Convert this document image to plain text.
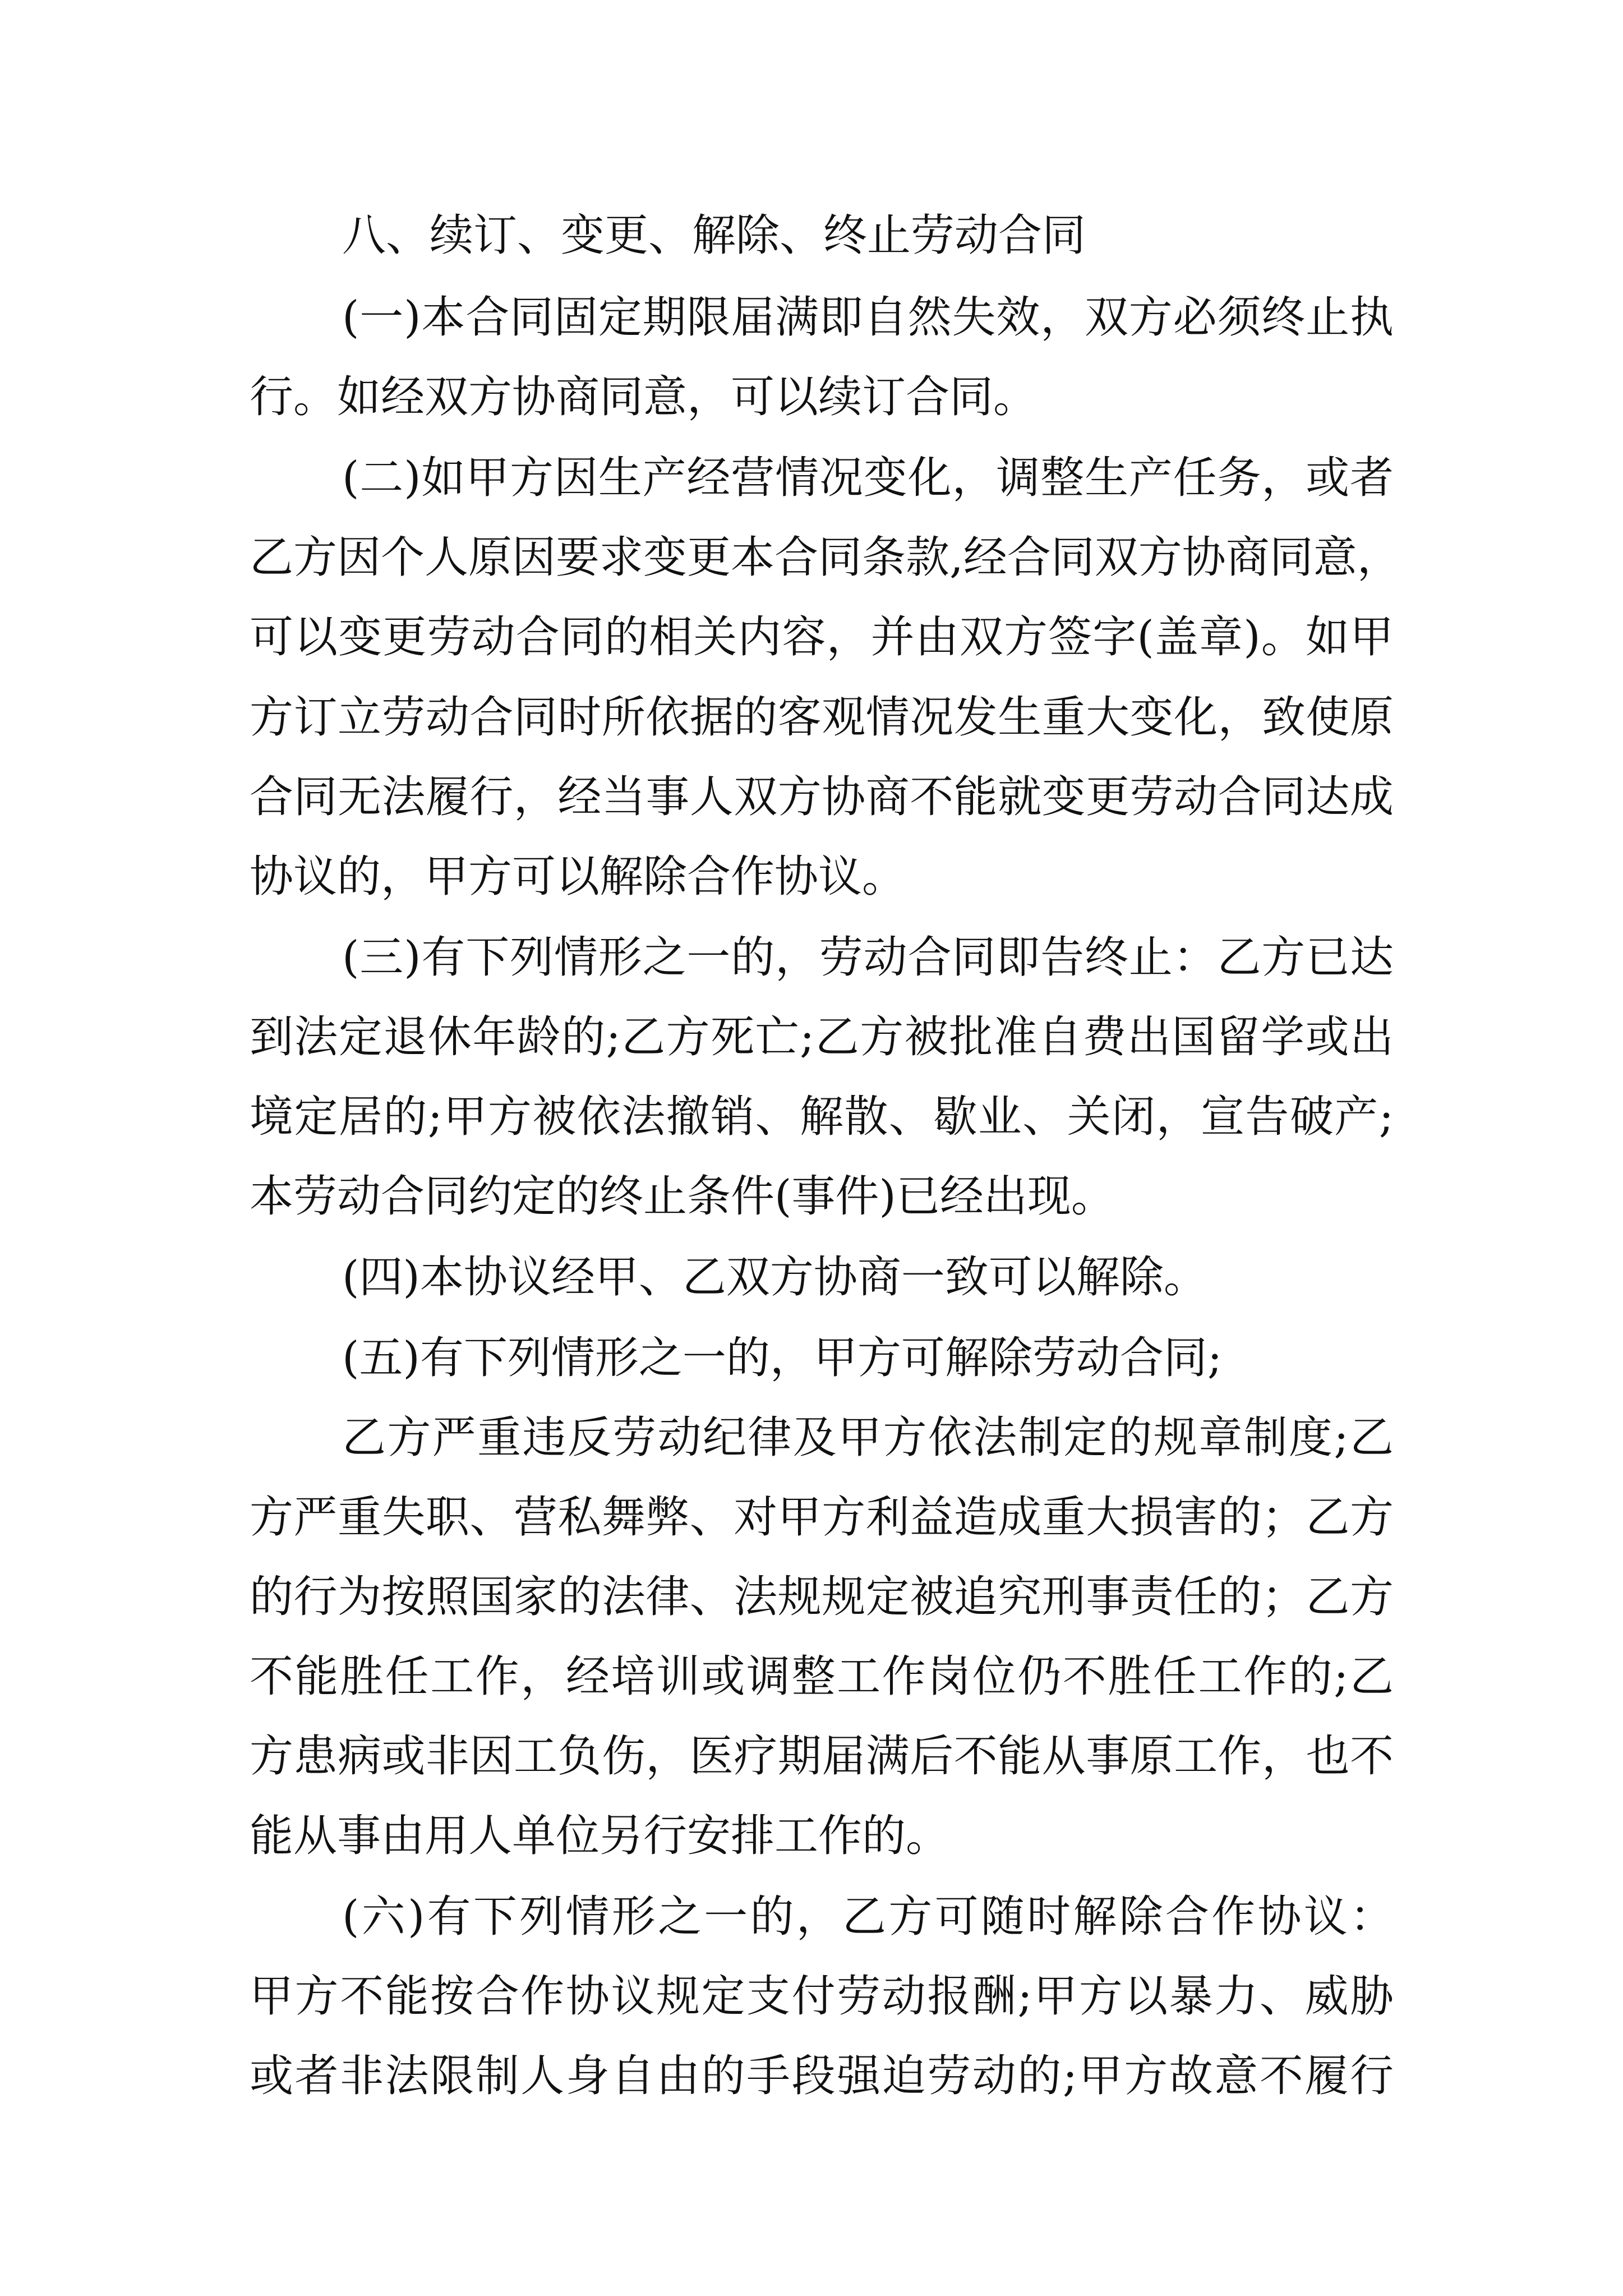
八、续订、变更、解除、终止劳动合同
(一)本合同固定期限届满即自然失效，双方必须终止执
行。如经双方协商同意，可以续订合同。
(二)如甲方因生产经营情况变化，调整生产任务，或者
乙方因个人原因要求变更本合同条款,经合同双方协商同意，
可以变更劳动合同的相关内容，并由双方签字(盖章)。如甲
方订立劳动合同时所依据的客观情况发生重大变化，致使原
合同无法履行，经当事人双方协商不能就变更劳动合同达成
协议的，甲方可以解除合作协议。
(三)有下列情形之一的，劳动合同即告终止：乙方已达
到法定退休年龄的;乙方死亡;乙方被批准自费出国留学或出
境定居的;甲方被依法撤销、解散、歇业、关闭，宣告破产;
本劳动合同约定的终止条件(事件)已经出现。
(四)本协议经甲、乙双方协商一致可以解除。
(五)有下列情形之一的，甲方可解除劳动合同;
乙方严重违反劳动纪律及甲方依法制定的规章制度;乙
方严重失职、营私舞弊、对甲方利益造成重大损害的；乙方
的行为按照国家的法律、法规规定被追究刑事责任的；乙方
不能胜任工作，经培训或调整工作岗位仍不胜任工作的;乙
方患病或非因工负伤，医疗期届满后不能从事原工作，也不
能从事由用人单位另行安排工作的。
(六)有下列情形之一的，乙方可随时解除合作协议：
甲方不能按合作协议规定支付劳动报酬;甲方以暴力、威胁
或者非法限制人身自由的手段强迫劳动的;甲方故意不履行
